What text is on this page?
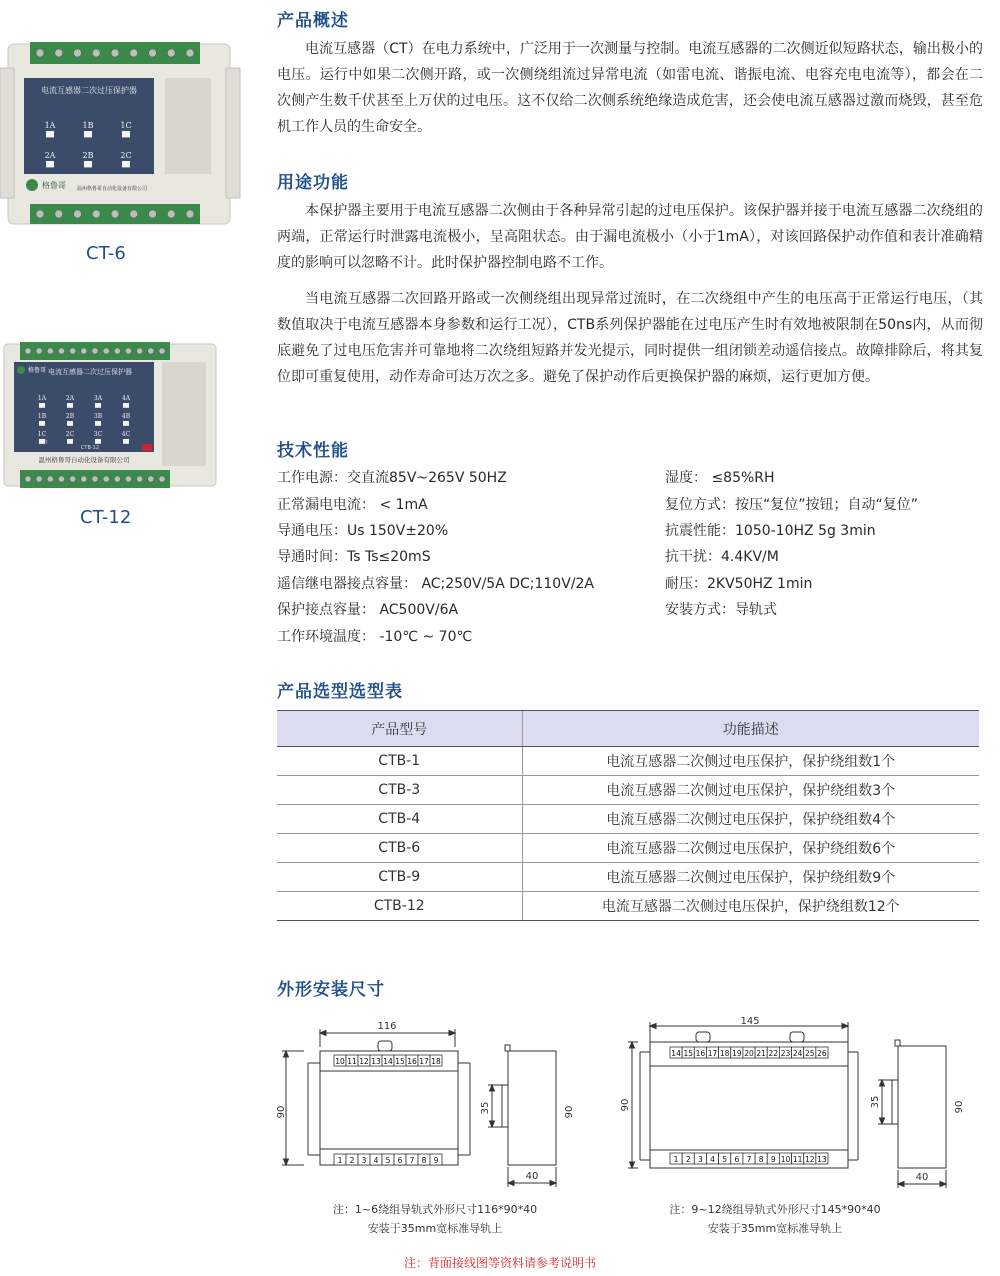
电流互感器二次过压保护器
1A	1B	1C
2A	2B	2C
格鲁哥 温州格鲁哥自动化设备有限公司
CT-6
格鲁哥 电流互感器二次过压保护器
1A	2A	3A	4A
1B	2B	3B	4B
1C	2C	3C	4C
工作
CTB-12
温州格鲁哥自动化设备有限公司
CT-12
产品概述
电流互感器（CT）在电力系统中，广泛用于一次测量与控制。电流互感器的二次侧近似短路状态，输出极小的电压。运行中如果二次侧开路，或一次侧绕组流过异常电流（如雷电流、谐振电流、电容充电电流等），都会在二次侧产生数千伏甚至上万伏的过电压。这不仅给二次侧系统绝缘造成危害，还会使电流互感器过激而烧毁，甚至危机工作人员的生命安全。
用途功能
本保护器主要用于电流互感器二次侧由于各种异常引起的过电压保护。该保护器并接于电流互感器二次绕组的两端，正常运行时泄露电流极小，呈高阻状态。由于漏电流极小（小于1mA），对该回路保护动作值和表计准确精度的影响可以忽略不计。此时保护器控制电路不工作。
当电流互感器二次回路开路或一次侧绕组出现异常过流时，在二次绕组中产生的电压高于正常运行电压，（其数值取决于电流互感器本身参数和运行工况），CTB系列保护器能在过电压产生时有效地被限制在50ns内，从而彻底避免了过电压危害并可靠地将二次绕组短路并发光提示，同时提供一组闭锁差动遥信接点。故障排除后，将其复位即可重复使用，动作寿命可达万次之多。避免了保护动作后更换保护器的麻烦，运行更加方便。
技术性能
工作电源：交直流85V~265V 50HZ
正常漏电电流： < 1mA
导通电压：Us 150V±20%
导通时间：Ts Ts≤20mS
遥信继电器接点容量： AC;250V/5A DC;110V/2A
保护接点容量： AC500V/6A
工作环境温度： -10℃ ~ 70℃
湿度： ≤85%RH
复位方式：按压“复位”按钮；自动“复位”
抗震性能：1050-10HZ 5g 3min
抗干扰：4.4KV/M
耐压：2KV50HZ 1min
安装方式：导轨式
产品选型选型表
产品型号	功能描述
CTB-1	电流互感器二次侧过电压保护，保护绕组数1个
CTB-3	电流互感器二次侧过电压保护，保护绕组数3个
CTB-4	电流互感器二次侧过电压保护，保护绕组数4个
CTB-6	电流互感器二次侧过电压保护，保护绕组数6个
CTB-9	电流互感器二次侧过电压保护，保护绕组数9个
CTB-12	电流互感器二次侧过电压保护，保护绕组数12个
外形安装尺寸
116
10 11 12 13 14 15 16 17 18
1 2 3 4 5 6 7 8 9
90	35
40
90
注：1~6绕组导轨式外形尺寸116*90*40
安装于35mm宽标准导轨上
145
14 15 16 17 18 19 20 21 22 23 24 25 26
1 2 3 4 5 6 7 8 9 10 11 12 13
90	35
40
90
注：9~12绕组导轨式外形尺寸145*90*40
安装于35mm宽标准导轨上
注：背面接线图等资料请参考说明书
